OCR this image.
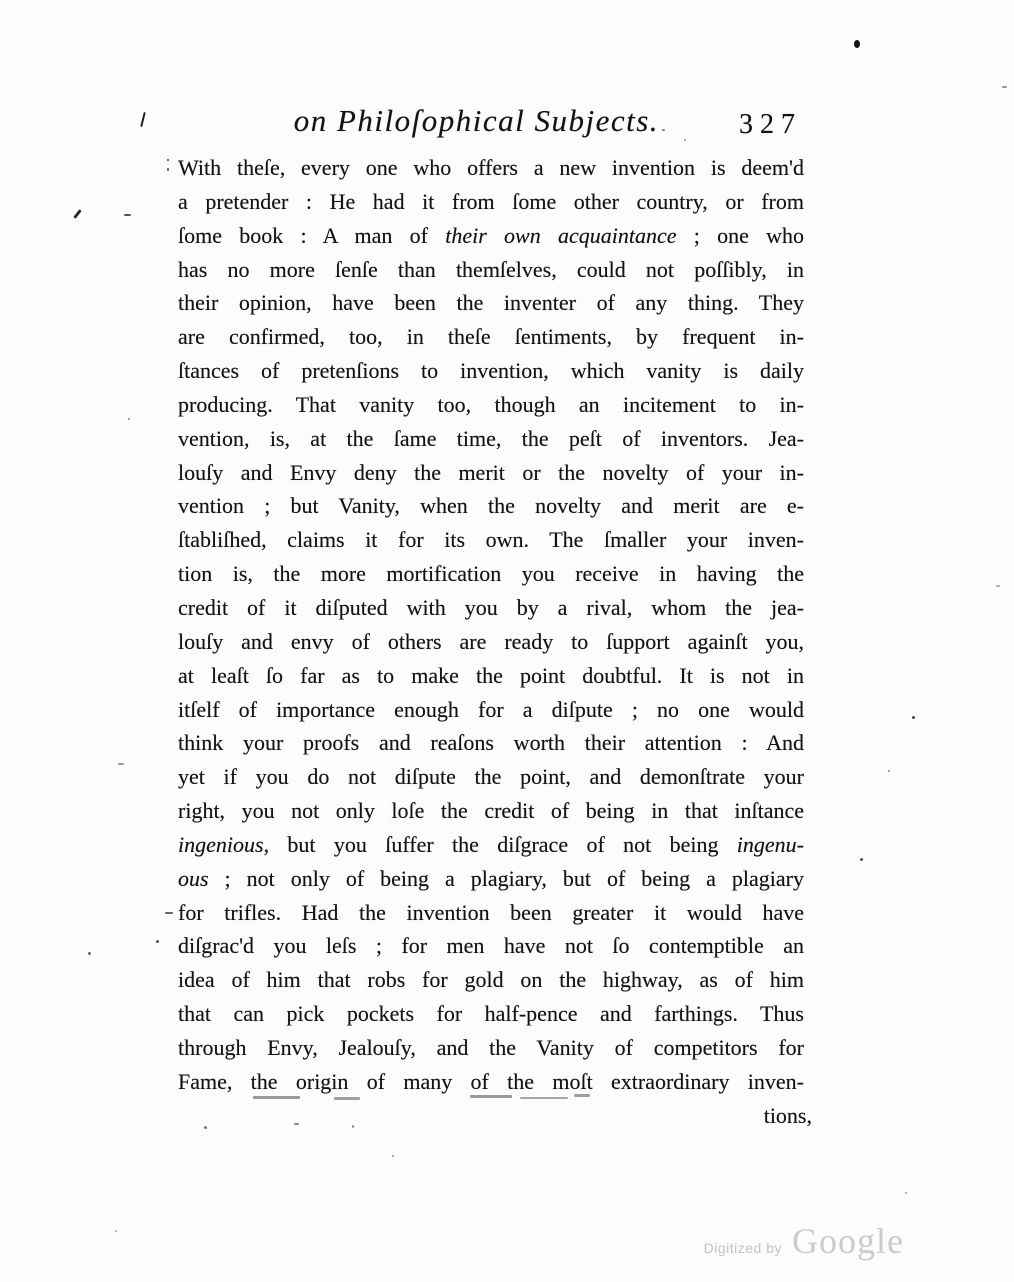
on Philoſophical Subjects.	327
With theſe, every one who offers a new invention is deem'd
a pretender : He had it from ſome other country, or from
ſome book : A man of their own acquaintance ; one who
has no more ſenſe than themſelves, could not poſſibly, in
their opinion, have been the inventer of any thing. They
are confirmed, too, in theſe ſentiments, by frequent in-
ſtances of pretenſions to invention, which vanity is daily
producing. That vanity too, though an incitement to in-
vention, is, at the ſame time, the peſt of inventors. Jea-
louſy and Envy deny the merit or the novelty of your in-
vention ; but Vanity, when the novelty and merit are e-
ſtabliſhed, claims it for its own. The ſmaller your inven-
tion is, the more mortification you receive in having the
credit of it diſputed with you by a rival, whom the jea-
louſy and envy of others are ready to ſupport againſt you,
at leaſt ſo far as to make the point doubtful. It is not in
itſelf of importance enough for a diſpute ; no one would
think your proofs and reaſons worth their attention : And
yet if you do not diſpute the point, and demonſtrate your
right, you not only loſe the credit of being in that inſtance
ingenious, but you ſuffer the diſgrace of not being ingenu-
ous ; not only of being a plagiary, but of being a plagiary
for trifles. Had the invention been greater it would have
diſgrac'd you leſs ; for men have not ſo contemptible an
idea of him that robs for gold on the highway, as of him
that can pick pockets for half-pence and farthings. Thus
through Envy, Jealouſy, and the Vanity of competitors for
Fame, the origin of many of the moſt extraordinary inven-
tions,
Digitized by Google
